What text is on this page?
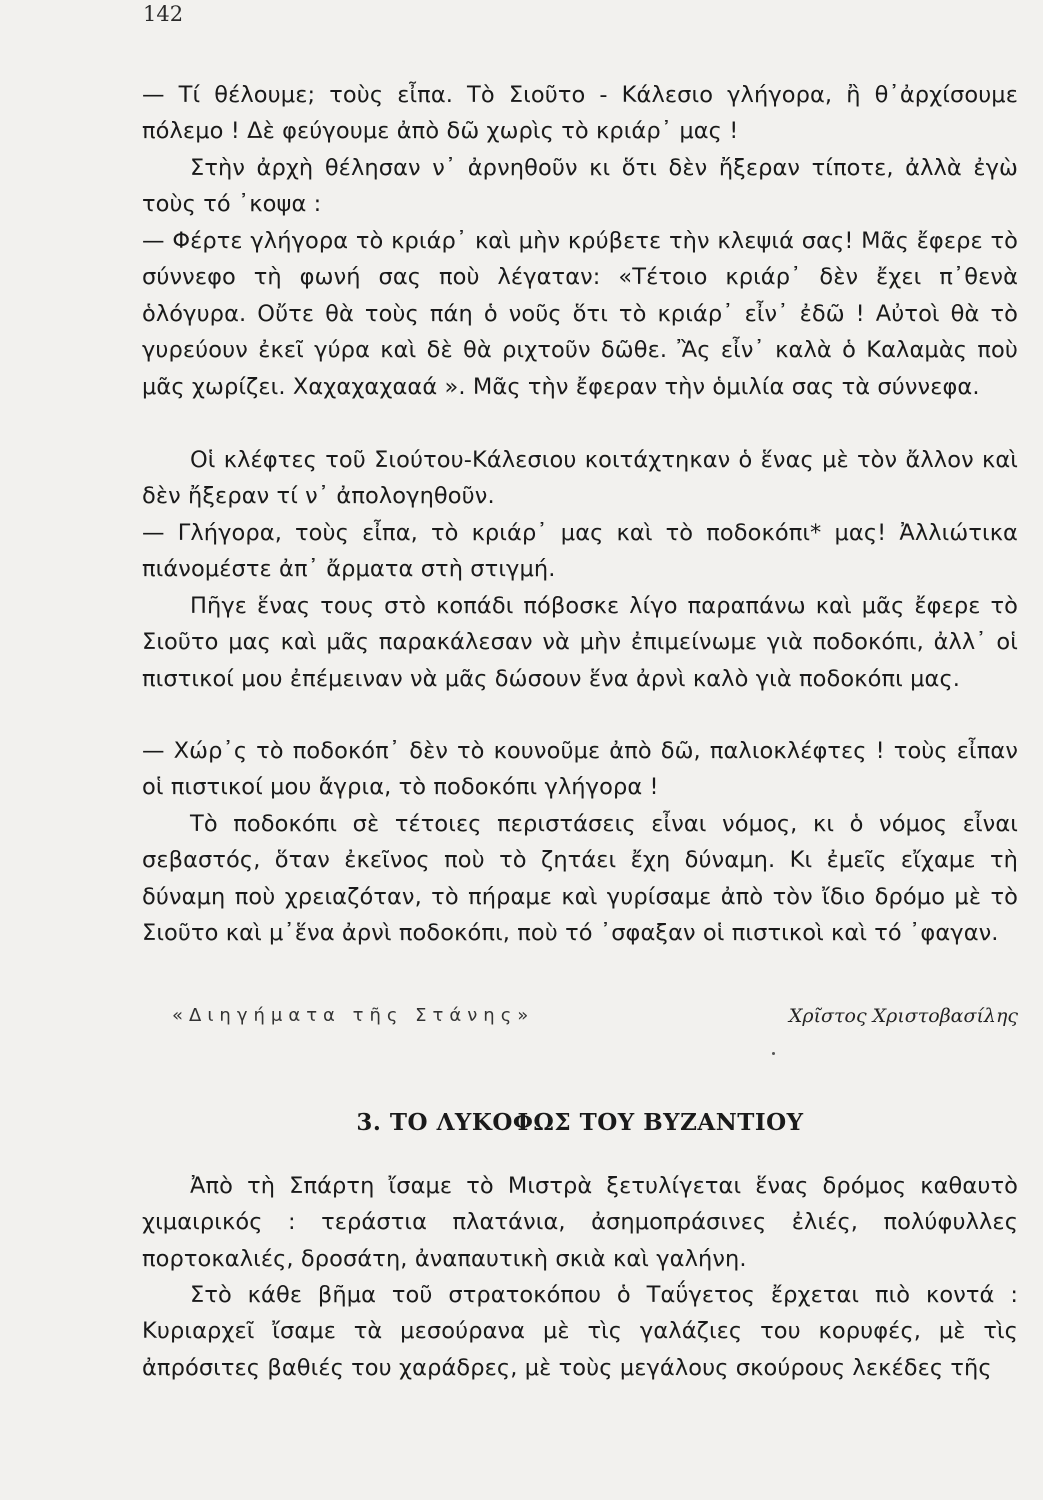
142

— Τί θέλουμε; τοὺς εἶπα. Τὸ Σιοῦτο - Κάλεσιο γλήγορα, ἢ θ᾽ἀρχίσουμε πόλεμο ! Δὲ φεύγουμε ἀπὸ δῶ χωρὶς τὸ κριάρ᾽ μας !

Στὴν ἀρχὴ θέλησαν ν᾽ ἀρνηθοῦν κι ὅτι δὲν ἤξεραν τίποτε, ἀλλὰ ἐγὼ τοὺς τό ᾽κοψα :

— Φέρτε γλήγορα τὸ κριάρ᾽ καὶ μὴν κρύβετε τὴν κλεψιά σας! Μᾶς ἔφερε τὸ σύννεφο τὴ φωνή σας ποὺ λέγαταν: «Τέτοιο κριάρ᾽ δὲν ἔχει π᾽θενὰ ὁλόγυρα. Οὔτε θὰ τοὺς πάη ὁ νοῦς ὅτι τὸ κριάρ᾽ εἶν᾽ ἐδῶ ! Αὐτοὶ θὰ τὸ γυρεύουν ἐκεῖ γύρα καὶ δὲ θὰ ριχτοῦν δῶθε. Ἂς εἶν᾽ καλὰ ὁ Καλαμὰς ποὺ μᾶς χωρίζει. Χαχαχαχααά ». Μᾶς τὴν ἔφεραν τὴν ὁμιλία σας τὰ σύννεφα.

Οἱ κλέφτες τοῦ Σιούτου-Κάλεσιου κοιτάχτηκαν ὁ ἕνας μὲ τὸν ἄλλον καὶ δὲν ἤξεραν τί ν᾽ ἀπολογηθοῦν.

— Γλήγορα, τοὺς εἶπα, τὸ κριάρ᾽ μας καὶ τὸ ποδοκόπι* μας! Ἀλλιώτικα πιάνομέστε ἀπ᾽ ἄρματα στὴ στιγμή.

Πῆγε ἕνας τους στὸ κοπάδι πόβοσκε λίγο παραπάνω καὶ μᾶς ἔφερε τὸ Σιοῦτο μας καὶ μᾶς παρακάλεσαν νὰ μὴν ἐπιμείνωμε γιὰ ποδοκόπι, ἀλλ᾽ οἱ πιστικοί μου ἐπέμειναν νὰ μᾶς δώσουν ἕνα ἀρνὶ καλὸ γιὰ ποδοκόπι μας.

— Χώρ᾽ς τὸ ποδοκόπ᾽ δὲν τὸ κουνοῦμε ἀπὸ δῶ, παλιοκλέφτες ! τοὺς εἶπαν οἱ πιστικοί μου ἄγρια, τὸ ποδοκόπι γλήγορα !

Τὸ ποδοκόπι σὲ τέτοιες περιστάσεις εἶναι νόμος, κι ὁ νόμος εἶναι σεβαστός, ὅταν ἐκεῖνος ποὺ τὸ ζητάει ἔχη δύναμη. Κι ἐμεῖς εἴχαμε τὴ δύναμη ποὺ χρειαζόταν, τὸ πήραμε καὶ γυρίσαμε ἀπὸ τὸν ἴδιο δρόμο μὲ τὸ Σιοῦτο καὶ μ᾽ἕνα ἀρνὶ ποδοκόπι, ποὺ τό ᾽σφαξαν οἱ πιστικοὶ καὶ τό ᾽φαγαν.

«Διηγήματα τῆς Στάνης»	Χρῖστος Χριστοβασίλης
3. ΤΟ ΛΥΚΟΦΩΣ ΤΟΥ ΒΥΖΑΝΤΙΟΥ

Ἀπὸ τὴ Σπάρτη ἴσαμε τὸ Μιστρὰ ξετυλίγεται ἕνας δρόμος καθαυτὸ χιμαιρικός : τεράστια πλατάνια, ἀσημοπράσινες ἐλιές, πολύφυλλες πορτοκαλιές, δροσάτη, ἀναπαυτικὴ σκιὰ καὶ γαλήνη.

Στὸ κάθε βῆμα τοῦ στρατοκόπου ὁ Ταΰγετος ἔρχεται πιὸ κοντά : Κυριαρχεῖ ἴσαμε τὰ μεσούρανα μὲ τὶς γαλάζιες του κορυφές, μὲ τὶς ἀπρόσιτες βαθιές του χαράδρες, μὲ τοὺς μεγάλους σκούρους λεκέδες τῆς
